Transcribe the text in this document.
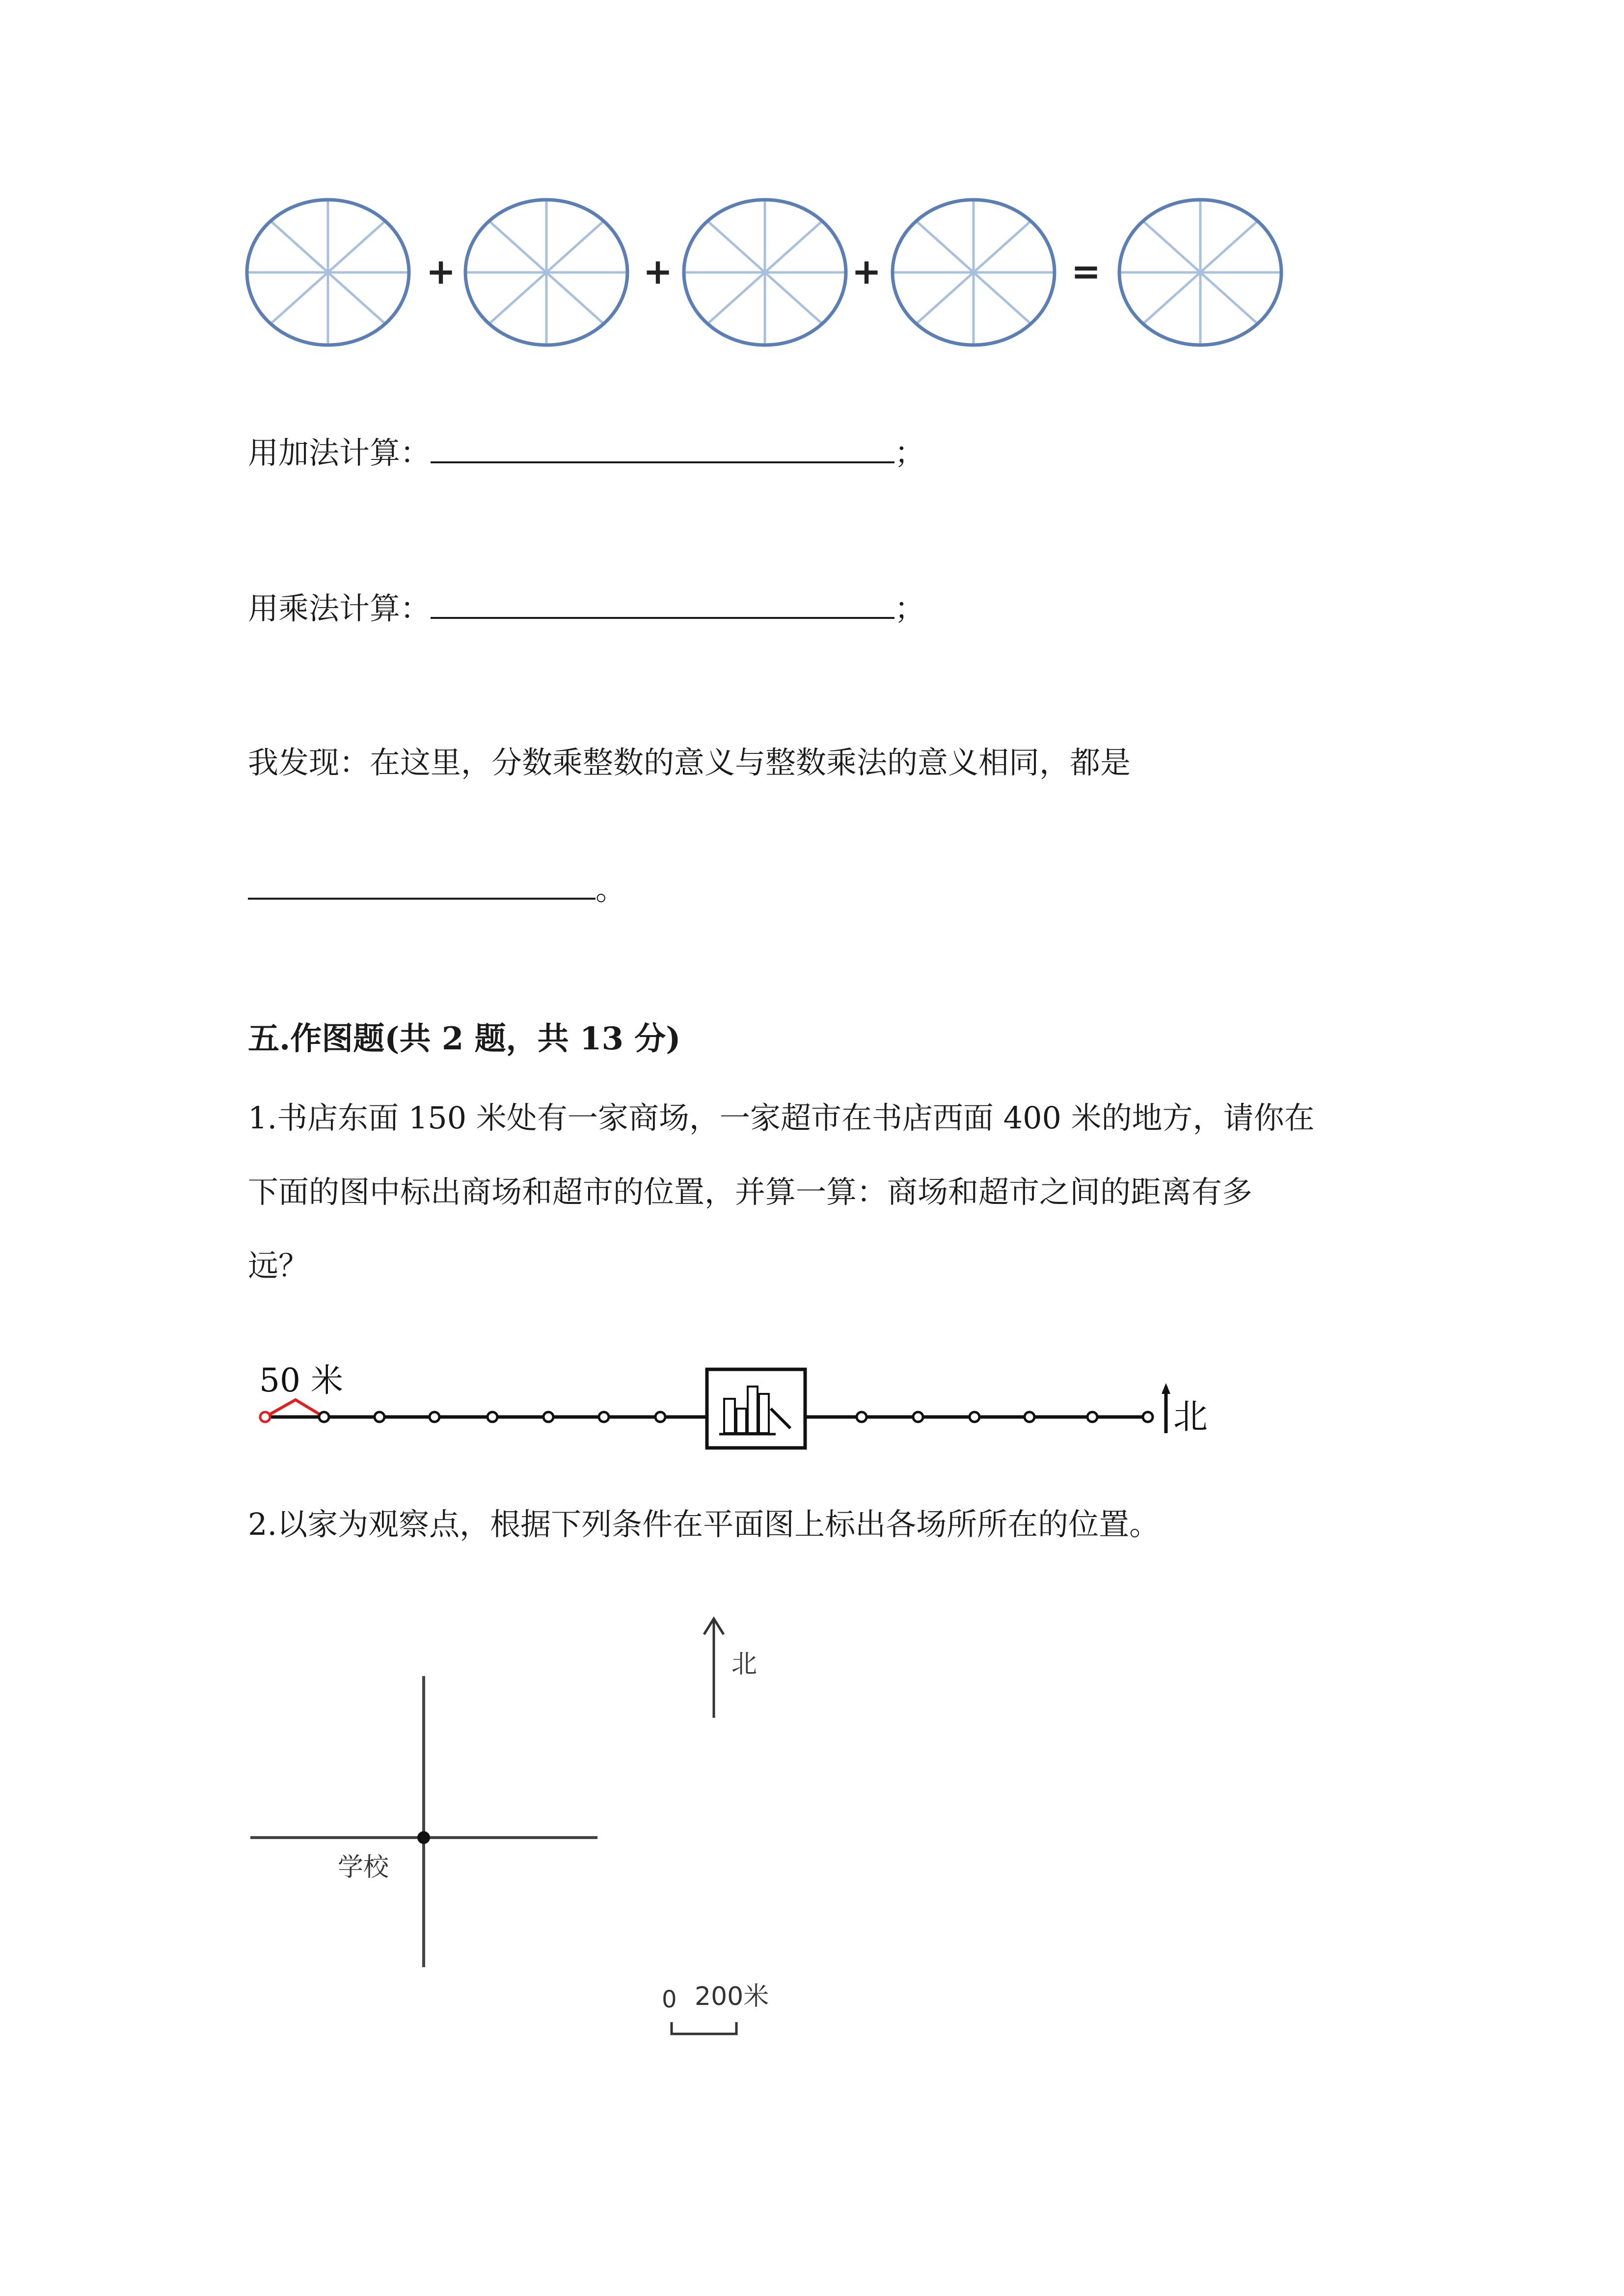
+	+	+	=
用加法计算：	；
用乘法计算：	；
我发现：在这里，分数乘整数的意义与整数乘法的意义相同，都是
。
五.作图题(共 2 题，共 13 分)
1.书店东面 150 米处有一家商场，一家超市在书店西面 400 米的地方，请你在
下面的图中标出商场和超市的位置，并算一算：商场和超市之间的距离有多
远？
50 米
北
2.以家为观察点，根据下列条件在平面图上标出各场所所在的位置。
北
学校
0 200米
